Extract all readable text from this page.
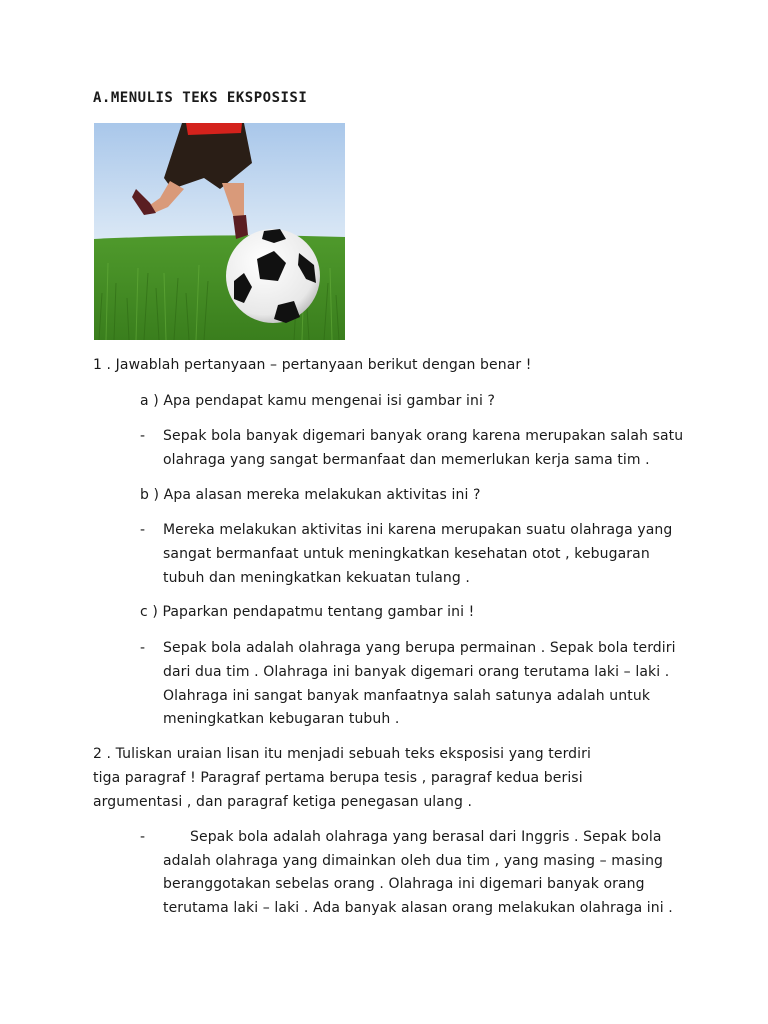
A.MENULIS TEKS EKSPOSISI
1 . Jawablah pertanyaan – pertanyaan berikut dengan benar !
a ) Apa pendapat kamu mengenai isi gambar ini ?
- Sepak bola banyak digemari banyak orang karena merupakan salah satu
olahraga yang sangat bermanfaat dan memerlukan kerja sama tim .
b ) Apa alasan mereka melakukan aktivitas ini ?
- Mereka melakukan aktivitas ini karena merupakan suatu olahraga yang
sangat bermanfaat untuk meningkatkan kesehatan otot , kebugaran
tubuh dan meningkatkan kekuatan tulang .
c ) Paparkan pendapatmu tentang gambar ini !
- Sepak bola adalah olahraga yang berupa permainan . Sepak bola terdiri
dari dua tim . Olahraga ini banyak digemari orang terutama laki – laki .
Olahraga ini sangat banyak manfaatnya salah satunya adalah untuk
meningkatkan kebugaran tubuh .
2 . Tuliskan uraian lisan itu menjadi sebuah teks eksposisi yang terdiri
tiga paragraf ! Paragraf pertama berupa tesis , paragraf kedua berisi
argumentasi , dan paragraf ketiga penegasan ulang .
-	Sepak bola adalah olahraga yang berasal dari Inggris . Sepak bola
adalah olahraga yang dimainkan oleh dua tim , yang masing – masing
beranggotakan sebelas orang . Olahraga ini digemari banyak orang
terutama laki – laki . Ada banyak alasan orang melakukan olahraga ini .
